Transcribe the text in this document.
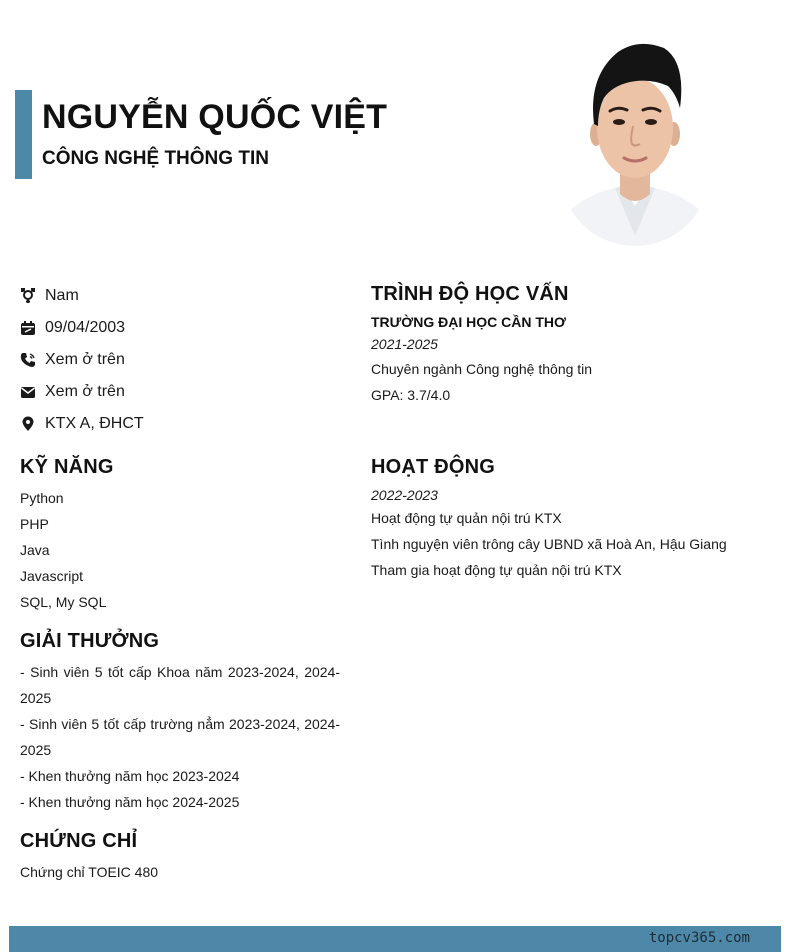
NGUYỄN QUỐC VIỆT
CÔNG NGHỆ THÔNG TIN
Nam
09/04/2003
Xem ở trên
Xem ở trên
KTX A, ĐHCT
KỸ NĂNG
Python
PHP
Java
Javascript
SQL, My SQL
GIẢI THƯỞNG
- Sinh viên 5 tốt cấp Khoa năm 2023-2024, 2024-2025
- Sinh viên 5 tốt cấp trường nẳm 2023-2024, 2024-2025
- Khen thưởng năm học 2023-2024
- Khen thưởng năm học 2024-2025
CHỨNG CHỈ
Chứng chỉ TOEIC 480
TRÌNH ĐỘ HỌC VẤN
TRƯỜNG ĐẠI HỌC CẦN THƠ
2021-2025
Chuyên ngành Công nghệ thông tin
GPA: 3.7/4.0
HOẠT ĐỘNG
2022-2023
Hoạt động tự quản nội trú KTX
Tình nguyện viên trông cây UBND xã Hoà An, Hậu Giang
Tham gia hoạt động tự quản nội trú KTX
topcv365.com
